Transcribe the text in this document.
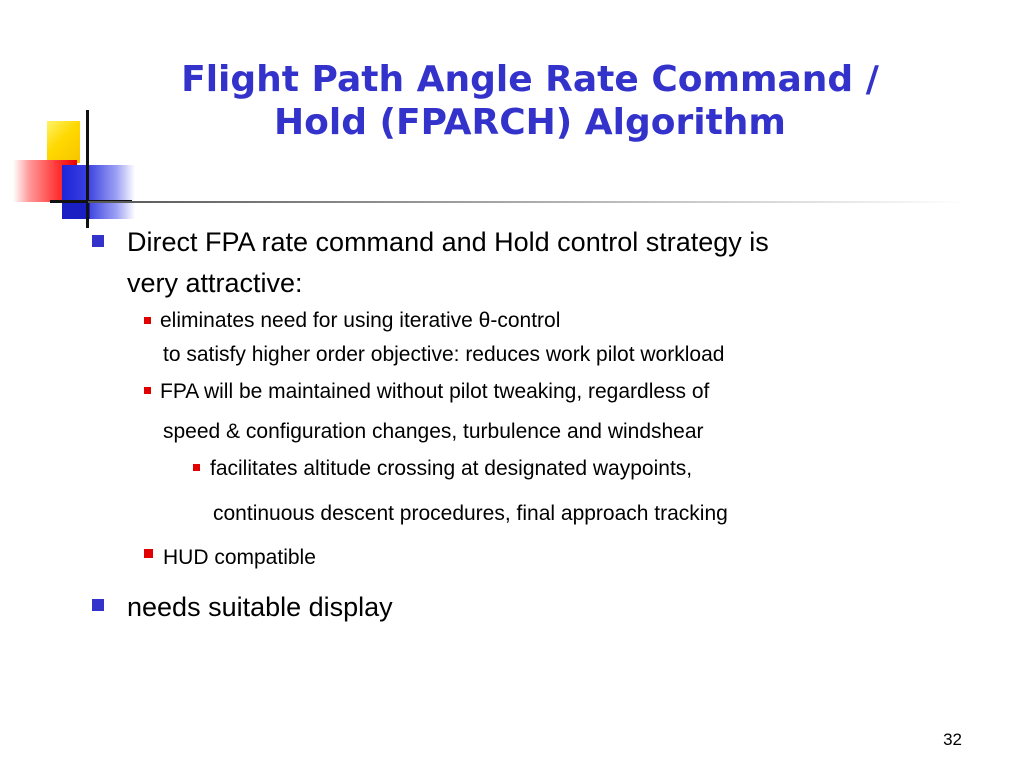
Flight Path Angle Rate Command /
Hold (FPARCH) Algorithm
Direct FPA rate command and Hold control strategy is
very attractive:
eliminates need for using iterative θ-control
to satisfy higher order objective: reduces work pilot workload
FPA will be maintained without pilot tweaking, regardless of
speed & configuration changes, turbulence and windshear
facilitates altitude crossing at designated waypoints,
continuous descent procedures, final approach tracking
HUD compatible
needs suitable display
32
